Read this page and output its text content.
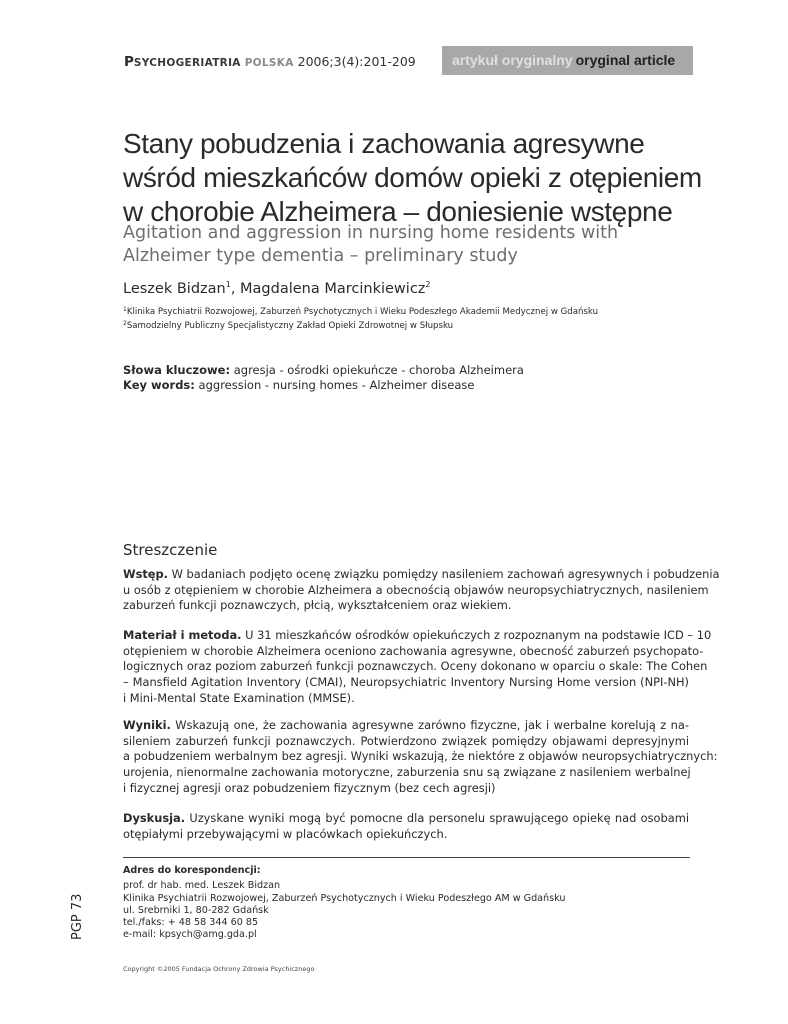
PSYCHOGERIATRIA POLSKA 2006;3(4):201-209	artykuł oryginalny oryginal article
Stany pobudzenia i zachowania agresywne
wśród mieszkańców domów opieki z otępieniem
w chorobie Alzheimera – doniesienie wstępne
Agitation and aggression in nursing home residents with
Alzheimer type dementia – preliminary study
Leszek Bidzan$^1$, Magdalena Marcinkiewicz$^2$
$^1$Klinika Psychiatrii Rozwojowej, Zaburzeń Psychotycznych i Wieku Podeszłego Akademii Medycznej w Gdańsku
$^2$Samodzielny Publiczny Specjalistyczny Zakład Opieki Zdrowotnej w Słupsku
Słowa kluczowe: agresja - ośrodki opiekuńcze - choroba Alzheimera
Key words: aggression - nursing homes - Alzheimer disease
Streszczenie
Wstęp. W badaniach podjęto ocenę związku pomiędzy nasileniem zachowań agresywnych i pobudzenia
u osób z otępieniem w chorobie Alzheimera a obecnością objawów neuropsychiatrycznych, nasileniem
zaburzeń funkcji poznawczych, płcią, wykształceniem oraz wiekiem.
Materiał i metoda. U 31 mieszkańców ośrodków opiekuńczych z rozpoznanym na podstawie ICD – 10
otępieniem w chorobie Alzheimera oceniono zachowania agresywne, obecność zaburzeń psychopato-
logicznych oraz poziom zaburzeń funkcji poznawczych. Oceny dokonano w oparciu o skale: The Cohen
– Mansfield Agitation Inventory (CMAI), Neuropsychiatric Inventory Nursing Home version (NPI-NH)
i Mini-Mental State Examination (MMSE).
Wyniki. Wskazują one, że zachowania agresywne zarówno fizyczne, jak i werbalne korelują z na-
sileniem zaburzeń funkcji poznawczych. Potwierdzono związek pomiędzy objawami depresyjnymi
a pobudzeniem werbalnym bez agresji. Wyniki wskazują, że niektóre z objawów neuropsychiatrycznych:
urojenia, nienormalne zachowania motoryczne, zaburzenia snu są związane z nasileniem werbalnej
i fizycznej agresji oraz pobudzeniem fizycznym (bez cech agresji)
Dyskusja. Uzyskane wyniki mogą być pomocne dla personelu sprawującego opiekę nad osobami
otępiałymi przebywającymi w placówkach opiekuńczych.
Adres do korespondencji:
prof. dr hab. med. Leszek Bidzan
Klinika Psychiatrii Rozwojowej, Zaburzeń Psychotycznych i Wieku Podeszłego AM w Gdańsku
ul. Srebrniki 1, 80-282 Gdańsk
tel./faks: + 48 58 344 60 85
e-mail: kpsych@amg.gda.pl
PGP 73
Copyright ©2005 Fundacja Ochrony Zdrowia Psychicznego
